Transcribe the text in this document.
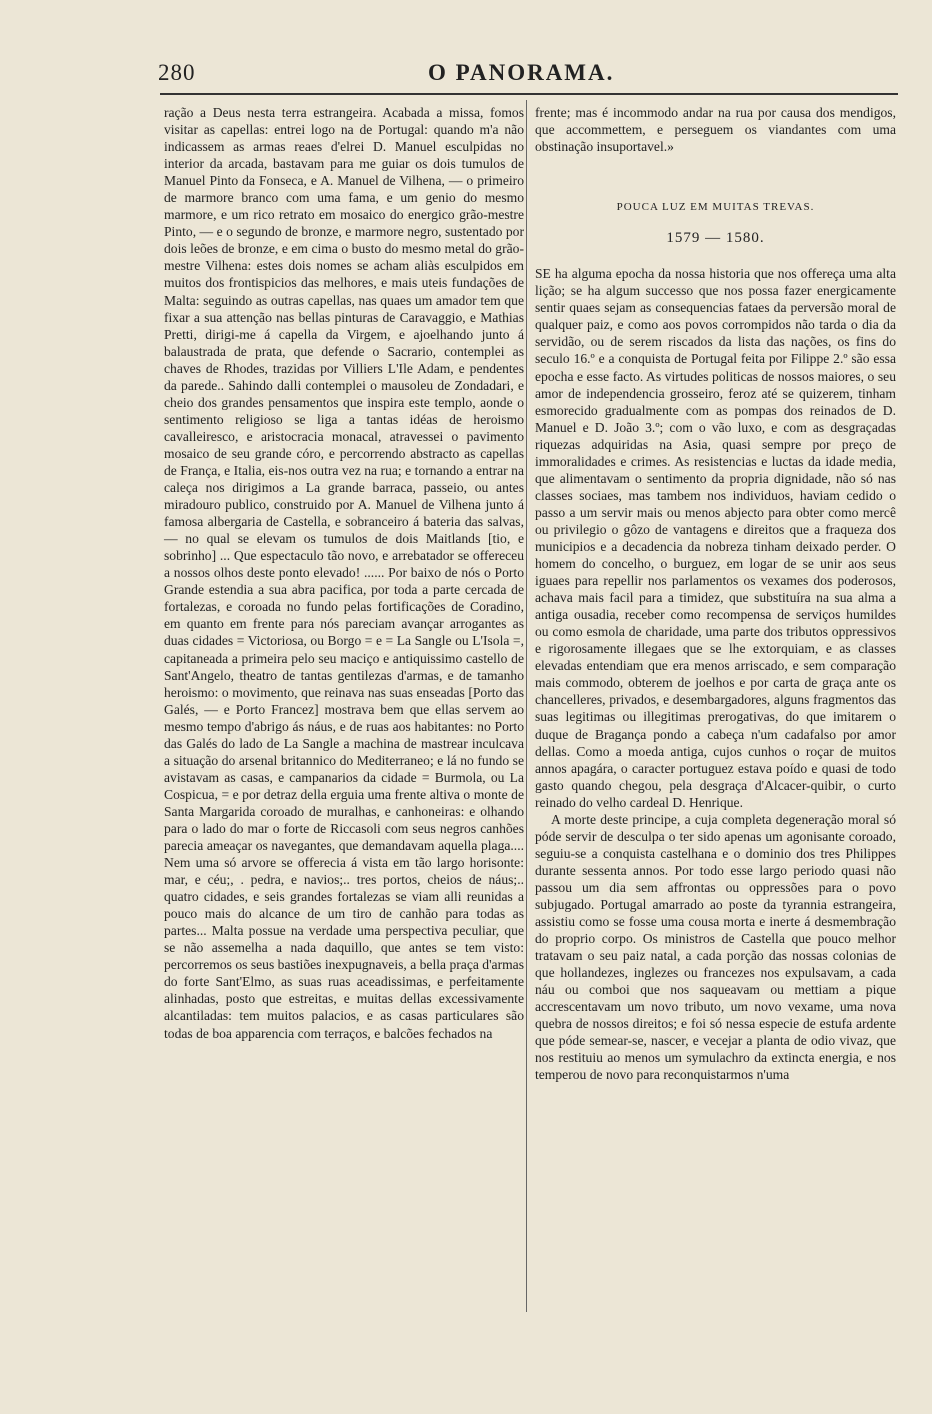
280	O PANORAMA.

ração a Deus nesta terra estrangeira. Acabada a missa, fomos visitar as capellas: entrei logo na de Portugal: quando m'a não indicassem as armas reaes d'elrei D. Manuel esculpidas no interior da arcada, bastavam para me guiar os dois tumulos de Manuel Pinto da Fonseca, e A. Manuel de Vilhena, — o primeiro de marmore branco com uma fama, e um genio do mesmo marmore, e um rico retrato em mosaico do energico grão-mestre Pinto, — e o segundo de bronze, e marmore negro, sustentado por dois leões de bronze, e em cima o busto do mesmo metal do grão-mestre Vilhena: estes dois nomes se acham aliàs esculpidos em muitos dos frontispicios das melhores, e mais uteis fundações de Malta: seguindo as outras capellas, nas quaes um amador tem que fixar a sua attenção nas bellas pinturas de Caravaggio, e Mathias Pretti, dirigi-me á capella da Virgem, e ajoelhando junto á balaustrada de prata, que defende o Sacrario, contemplei as chaves de Rhodes, trazidas por Villiers L'Ile Adam, e pendentes da parede.. Sahindo dalli contemplei o mausoleu de Zondadari, e cheio dos grandes pensamentos que inspira este templo, aonde o sentimento religioso se liga a tantas idéas de heroismo cavalleiresco, e aristocracia monacal, atravessei o pavimento mosaico de seu grande córo, e percorrendo abstracto as capellas de França, e Italia, eis-nos outra vez na rua; e tornando a entrar na caleça nos dirigimos a La grande barraca, passeio, ou antes miradouro publico, construido por A. Manuel de Vilhena junto á famosa albergaria de Castella, e sobranceiro á bateria das salvas, — no qual se elevam os tumulos de dois Maitlands [tio, e sobrinho] ... Que espectaculo tão novo, e arrebatador se offereceu a nossos olhos deste ponto elevado! ...... Por baixo de nós o Porto Grande estendia a sua abra pacifica, por toda a parte cercada de fortalezas, e coroada no fundo pelas fortificações de Coradino, em quanto em frente para nós pareciam avançar arrogantes as duas cidades = Victoriosa, ou Borgo = e = La Sangle ou L'Isola =, capitaneada a primeira pelo seu maciço e antiquissimo castello de Sant'Angelo, theatro de tantas gentilezas d'armas, e de tamanho heroismo: o movimento, que reinava nas suas enseadas [Porto das Galés, — e Porto Francez] mostrava bem que ellas servem ao mesmo tempo d'abrigo ás náus, e de ruas aos habitantes: no Porto das Galés do lado de La Sangle a machina de mastrear inculcava a situação do arsenal britannico do Mediterraneo; e lá no fundo se avistavam as casas, e campanarios da cidade = Burmola, ou La Cospicua, = e por detraz della erguia uma frente altiva o monte de Santa Margarida coroado de muralhas, e canhoneiras: e olhando para o lado do mar o forte de Riccasoli com seus negros canhões parecia ameaçar os navegantes, que demandavam aquella plaga.... Nem uma só arvore se offerecia á vista em tão largo horisonte: mar, e céu;, . pedra, e navios;.. tres portos, cheios de náus;.. quatro cidades, e seis grandes fortalezas se viam alli reunidas a pouco mais do alcance de um tiro de canhão para todas as partes... Malta possue na verdade uma perspectiva peculiar, que se não assemelha a nada daquillo, que antes se tem visto: percorremos os seus bastiões inexpugnaveis, a bella praça d'armas do forte Sant'Elmo, as suas ruas aceadissimas, e perfeitamente alinhadas, posto que estreitas, e muitas dellas excessivamente alcantiladas: tem muitos palacios, e as casas particulares são todas de boa apparencia com terraços, e balcões fechados na

frente; mas é incommodo andar na rua por causa dos mendigos, que accommettem, e perseguem os viandantes com uma obstinação insuportavel.»

POUCA LUZ EM MUITAS TREVAS.

1579 — 1580.

SE ha alguma epocha da nossa historia que nos offereça uma alta lição; se ha algum successo que nos possa fazer energicamente sentir quaes sejam as consequencias fataes da perversão moral de qualquer paiz, e como aos povos corrompidos não tarda o dia da servidão, ou de serem riscados da lista das nações, os fins do seculo 16.º e a conquista de Portugal feita por Filippe 2.º são essa epocha e esse facto. As virtudes politicas de nossos maiores, o seu amor de independencia grosseiro, feroz até se quizerem, tinham esmorecido gradualmente com as pompas dos reinados de D. Manuel e D. João 3.º; com o vão luxo, e com as desgraçadas riquezas adquiridas na Asia, quasi sempre por preço de immoralidades e crimes. As resistencias e luctas da idade media, que alimentavam o sentimento da propria dignidade, não só nas classes sociaes, mas tambem nos individuos, haviam cedido o passo a um servir mais ou menos abjecto para obter como mercê ou privilegio o gôzo de vantagens e direitos que a fraqueza dos municipios e a decadencia da nobreza tinham deixado perder. O homem do concelho, o burguez, em logar de se unir aos seus iguaes para repellir nos parlamentos os vexames dos poderosos, achava mais facil para a timidez, que substituíra na sua alma a antiga ousadia, receber como recompensa de serviços humildes ou como esmola de charidade, uma parte dos tributos oppressivos e rigorosamente illegaes que se lhe extorquiam, e as classes elevadas entendiam que era menos arriscado, e sem comparação mais commodo, obterem de joelhos e por carta de graça ante os chancelleres, privados, e desembargadores, alguns fragmentos das suas legitimas ou illegitimas prerogativas, do que imitarem o duque de Bragança pondo a cabeça n'um cadafalso por amor dellas. Como a moeda antiga, cujos cunhos o roçar de muitos annos apagára, o caracter portuguez estava poído e quasi de todo gasto quando chegou, pela desgraça d'Alcacer-quibir, o curto reinado do velho cardeal D. Henrique.

A morte deste principe, a cuja completa degeneração moral só póde servir de desculpa o ter sido apenas um agonisante coroado, seguiu-se a conquista castelhana e o dominio dos tres Philippes durante sessenta annos. Por todo esse largo periodo quasi não passou um dia sem affrontas ou oppressões para o povo subjugado. Portugal amarrado ao poste da tyrannia estrangeira, assistiu como se fosse uma cousa morta e inerte á desmembração do proprio corpo. Os ministros de Castella que pouco melhor tratavam o seu paiz natal, a cada porção das nossas colonias de que hollandezes, inglezes ou francezes nos expulsavam, a cada náu ou comboi que nos saqueavam ou mettiam a pique accrescentavam um novo tributo, um novo vexame, uma nova quebra de nossos direitos; e foi só nessa especie de estufa ardente que póde semear-se, nascer, e vecejar a planta de odio vivaz, que nos restituiu ao menos um symulachro da extincta energia, e nos temperou de novo para reconquistarmos n'uma
